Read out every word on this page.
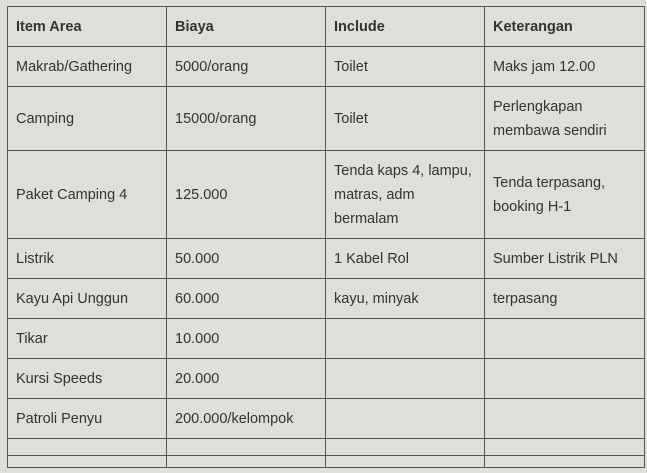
Item Area	Biaya	Include	Keterangan
Makrab/Gathering	5000/orang	Toilet	Maks jam 12.00
Camping	15000/orang	Toilet	Perlengkapan membawa sendiri
Paket Camping 4	125.000	Tenda kaps 4, lampu, matras, adm bermalam	Tenda terpasang, booking H-1
Listrik	50.000	1 Kabel Rol	Sumber Listrik PLN
Kayu Api Unggun	60.000	kayu, minyak	terpasang
Tikar	10.000		
Kursi Speeds	20.000		
Patroli Penyu	200.000/kelompok		
